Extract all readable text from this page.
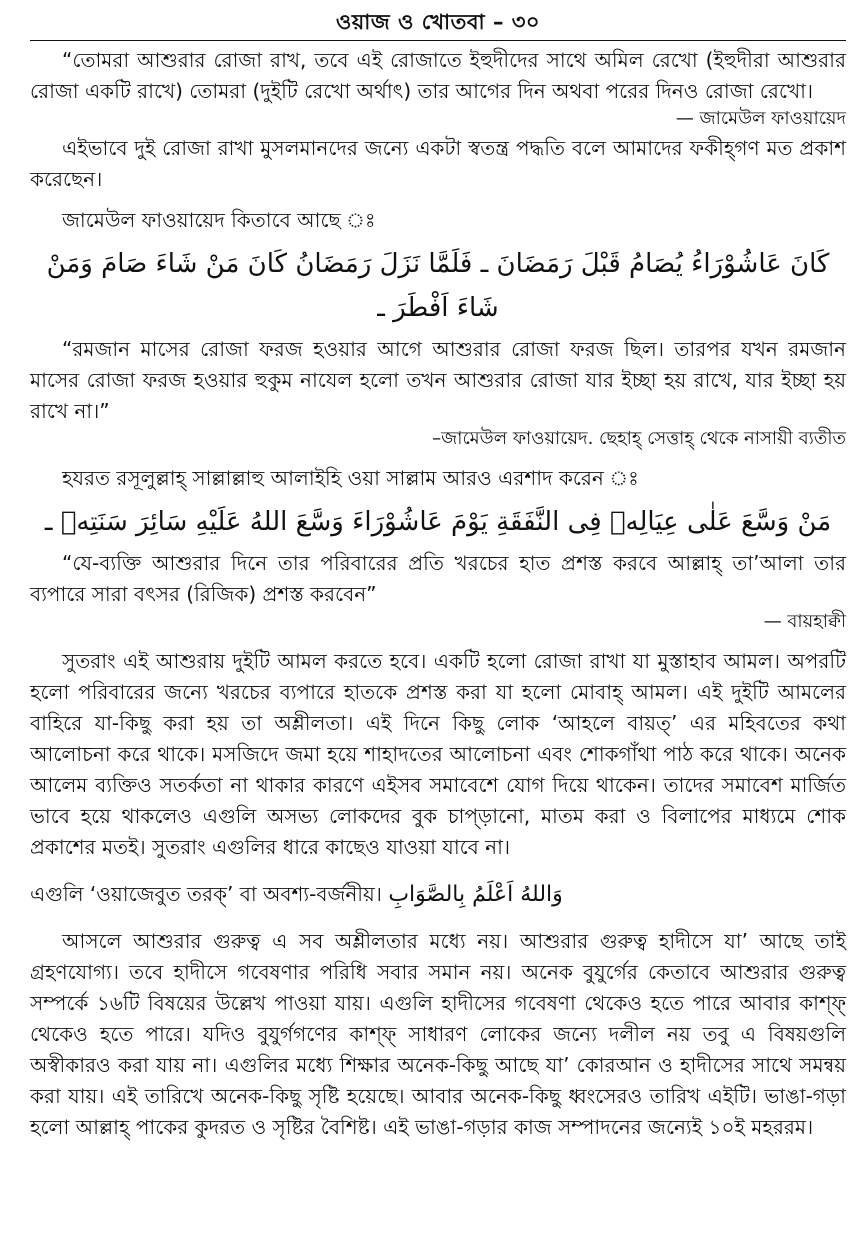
ওয়াজ ও খোতবা – ৩০

“তোমরা আশুরার রোজা রাখ, তবে এই রোজাতে ইহুদীদের সাথে অমিল রেখো (ইহুদীরা আশুরার রোজা একটি রাখে) তোমরা (দুইটি রেখো অর্থাৎ) তার আগের দিন অথবা পরের দিনও রোজা রেখো।

— জামেউল ফাওয়ায়েদ

এইভাবে দুই রোজা রাখা মুসলমানদের জন্যে একটা স্বতন্ত্র পদ্ধতি বলে আমাদের ফকীহ্গণ মত প্রকাশ করেছেন।

জামেউল ফাওয়ায়েদ কিতাবে আছে ঃ

كَانَ عَاشُوْرَاءُ يُصَامُ قَبْلَ رَمَضَانَ ـ فَلَمَّا نَزَلَ رَمَضَانُ كَانَ مَنْ شَاءَ صَامَ وَمَنْ شَاءَ اَفْطَرَ ـ

“রমজান মাসের রোজা ফরজ হওয়ার আগে আশুরার রোজা ফরজ ছিল। তারপর যখন রমজান মাসের রোজা ফরজ হওয়ার হুকুম নাযেল হলো তখন আশুরার রোজা যার ইচ্ছা হয় রাখে, যার ইচ্ছা হয় রাখে না।”

–জামেউল ফাওয়ায়েদ. ছেহাহ্ সেত্তাহ্ থেকে নাসায়ী ব্যতীত

হযরত রসূলুল্লাহ্ সাল্লাল্লাহু আলাইহি ওয়া সাল্লাম আরও এরশাদ করেন ঃ

مَنْ وَسَّعَ عَلٰى عِيَالِهٖ فِى النَّفَقَةِ يَوْمَ عَاشُوْرَاءَ وَسَّعَ اللهُ عَلَيْهِ سَائِرَ سَنَتِهٖ ـ

“যে-ব্যক্তি আশুরার দিনে তার পরিবারের প্রতি খরচের হাত প্রশস্ত করবে আল্লাহ্ তা’আলা তার ব্যপারে সারা বৎসর (রিজিক) প্রশস্ত করবেন”

— বায়হাক্বী

সুতরাং এই আশুরায় দুইটি আমল করতে হবে। একটি হলো রোজা রাখা যা মুস্তাহাব আমল। অপরটি হলো পরিবারের জন্যে খরচের ব্যপারে হাতকে প্রশস্ত করা যা হলো মোবাহ্ আমল। এই দুইটি আমলের বাহিরে যা-কিছু করা হয় তা অশ্লীলতা। এই দিনে কিছু লোক ‘আহলে বায়ত্’ এর মহিবতের কথা আলোচনা করে থাকে। মসজিদে জমা হয়ে শাহাদতের আলোচনা এবং শোকগাঁথা পাঠ করে থাকে। অনেক আলেম ব্যক্তিও সতর্কতা না থাকার কারণে এইসব সমাবেশে যোগ দিয়ে থাকেন। তাদের সমাবেশ মার্জিত ভাবে হয়ে থাকলেও এগুলি অসভ্য লোকদের বুক চাপ্‌ড়ানো, মাতম করা ও বিলাপের মাধ্যমে শোক প্রকাশের মতই। সুতরাং এগুলির ধারে কাছেও যাওয়া যাবে না।

এগুলি ‘ওয়াজেবুত তরক্’ বা অবশ্য-বর্জনীয়। وَاللهُ اَعْلَمُ بِالصَّوَابِ

আসলে আশুরার গুরুত্ব এ সব অশ্লীলতার মধ্যে নয়। আশুরার গুরুত্ব হাদীসে যা’ আছে তাই গ্রহণযোগ্য। তবে হাদীসে গবেষণার পরিধি সবার সমান নয়। অনেক বুযুর্গের কেতাবে আশুরার গুরুত্ব সম্পর্কে ১৬টি বিষয়ের উল্লেখ পাওয়া যায়। এগুলি হাদীসের গবেষণা থেকেও হতে পারে আবার কাশ্‌ফ্ থেকেও হতে পারে। যদিও বুযুর্গগণের কাশ্‌ফ্ সাধারণ লোকের জন্যে দলীল নয় তবু এ বিষয়গুলি অস্বীকারও করা যায় না। এগুলির মধ্যে শিক্ষার অনেক-কিছু আছে যা’ কোরআন ও হাদীসের সাথে সমন্বয় করা যায়। এই তারিখে অনেক-কিছু সৃষ্টি হয়েছে। আবার অনেক-কিছু ধ্বংসেরও তারিখ এইটি। ভাঙা-গড়া হলো আল্লাহ্ পাকের কুদরত ও সৃষ্টির বৈশিষ্ট। এই ভাঙা-গড়ার কাজ সম্পাদনের জন্যেই ১০ই মহররম।
